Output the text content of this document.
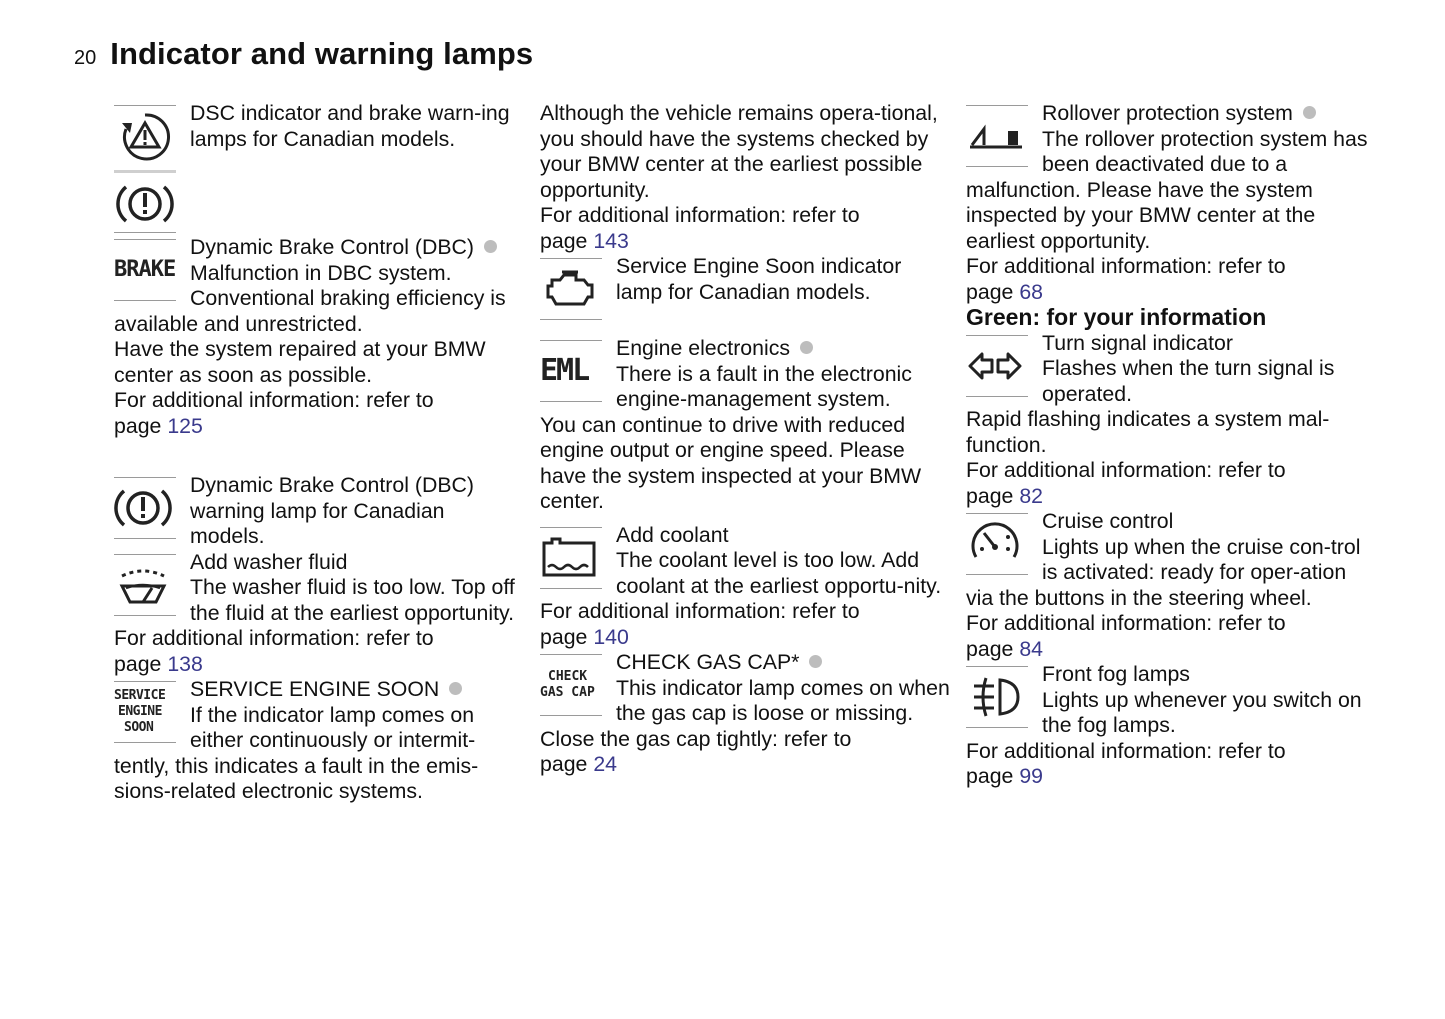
20 Indicator and warning lamps

DSC indicator and brake warn-ing lamps for Canadian models.

BRAKE

Dynamic Brake Control (DBC)

Malfunction in DBC system.

Conventional braking efficiency is available and unrestricted.

Have the system repaired at your BMW center as soon as possible.

For additional information: refer to

page 125

Dynamic Brake Control (DBC) warning lamp for Canadian models.

Add washer fluid

The washer fluid is too low. Top off the fluid at the earliest opportunity.

For additional information: refer to

page 138

SERVICE
ENGINE
SOON

SERVICE ENGINE SOON

If the indicator lamp comes on either continuously or intermit-tently, this indicates a fault in the emis-sions-related electronic systems.

Although the vehicle remains opera-tional, you should have the systems checked by your BMW center at the earliest possible opportunity.

For additional information: refer to

page 143

Service Engine Soon indicator lamp for Canadian models.

EML

Engine electronics

There is a fault in the electronic engine-management system.

You can continue to drive with reduced engine output or engine speed. Please have the system inspected at your BMW center.

Add coolant

The coolant level is too low. Add coolant at the earliest opportu-nity.

For additional information: refer to

page 140

CHECK
GAS CAP

CHECK GAS CAP*

This indicator lamp comes on when the gas cap is loose or missing.

Close the gas cap tightly: refer to

page 24

Rollover protection system

The rollover protection system has been deactivated due to a malfunction. Please have the system inspected by your BMW center at the earliest opportunity.

For additional information: refer to

page 68

Green: for your information

Turn signal indicator

Flashes when the turn signal is operated.

Rapid flashing indicates a system mal-function.

For additional information: refer to

page 82

Cruise control

Lights up when the cruise con-trol is activated: ready for oper-ation via the buttons in the steering wheel.

For additional information: refer to

page 84

Front fog lamps

Lights up whenever you switch on the fog lamps.

For additional information: refer to

page 99
